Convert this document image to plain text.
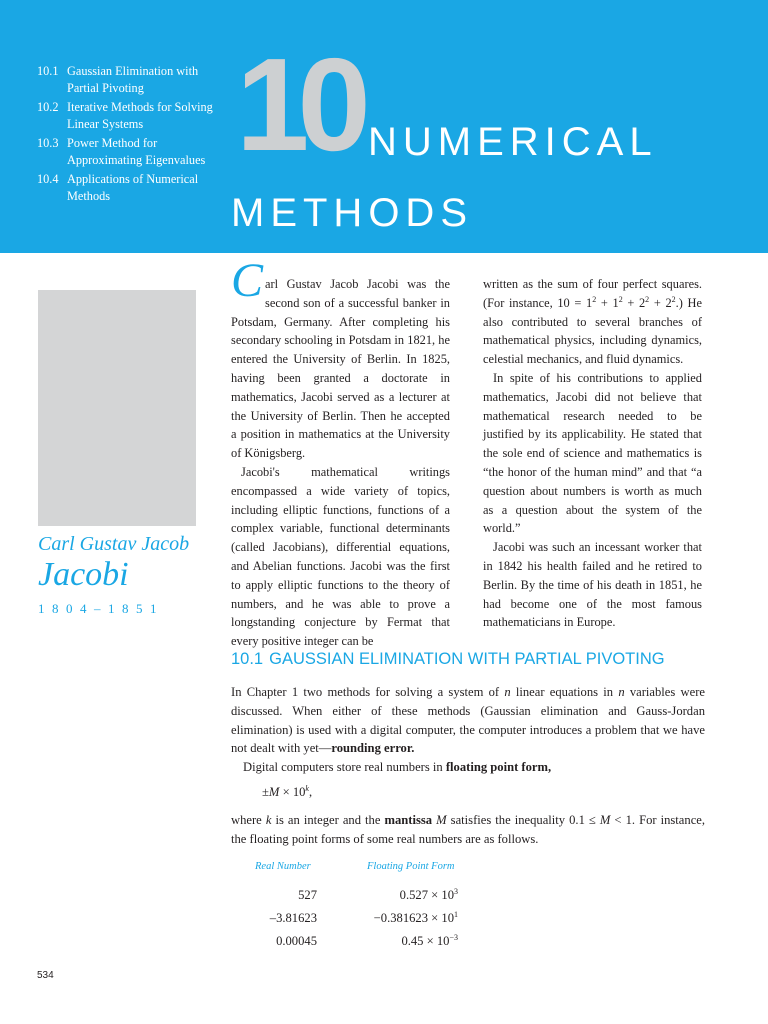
10.1 Gaussian Elimination with Partial Pivoting
10.2 Iterative Methods for Solving Linear Systems
10.3 Power Method for Approximating Eigenvalues
10.4 Applications of Numerical Methods
10 NUMERICAL
METHODS
Carl Gustav Jacob
Jacobi
1804–1851

Carl Gustav Jacob Jacobi was the second son of a successful banker in Potsdam, Germany. After completing his secondary schooling in Potsdam in 1821, he entered the University of Berlin. In 1825, having been granted a doctorate in mathematics, Jacobi served as a lecturer at the University of Berlin. Then he accepted a position in mathematics at the University of Königsberg.

Jacobi's mathematical writings encompassed a wide variety of topics, including elliptic functions, functions of a complex variable, functional determinants (called Jacobians), differential equations, and Abelian functions. Jacobi was the first to apply elliptic functions to the theory of numbers, and he was able to prove a longstanding conjecture by Fermat that every positive integer can be

written as the sum of four perfect squares. (For instance, $10 = 1^2 + 1^2 + 2^2 + 2^2$.) He also contributed to several branches of mathematical physics, including dynamics, celestial mechanics, and fluid dynamics.

In spite of his contributions to applied mathematics, Jacobi did not believe that mathematical research needed to be justified by its applicability. He stated that the sole end of science and mathematics is “the honor of the human mind” and that “a question about numbers is worth as much as a question about the system of the world.”

Jacobi was such an incessant worker that in 1842 his health failed and he retired to Berlin. By the time of his death in 1851, he had become one of the most famous mathematicians in Europe.

10.1 GAUSSIAN ELIMINATION WITH PARTIAL PIVOTING

In Chapter 1 two methods for solving a system of n linear equations in n variables were discussed. When either of these methods (Gaussian elimination and Gauss-Jordan elimination) is used with a digital computer, the computer introduces a problem that we have not dealt with yet—rounding error.

Digital computers store real numbers in floating point form,

$\pm M \times 10^k$,

where k is an integer and the mantissa M satisfies the inequality 0.1 ≤ M < 1. For instance, the floating point forms of some real numbers are as follows.

Real Number	Floating Point Form
527	$0.527 \times 10^3$
–3.81623	$-0.381623 \times 10^1$
0.00045	$0.45 \times 10^{-3}$
534
